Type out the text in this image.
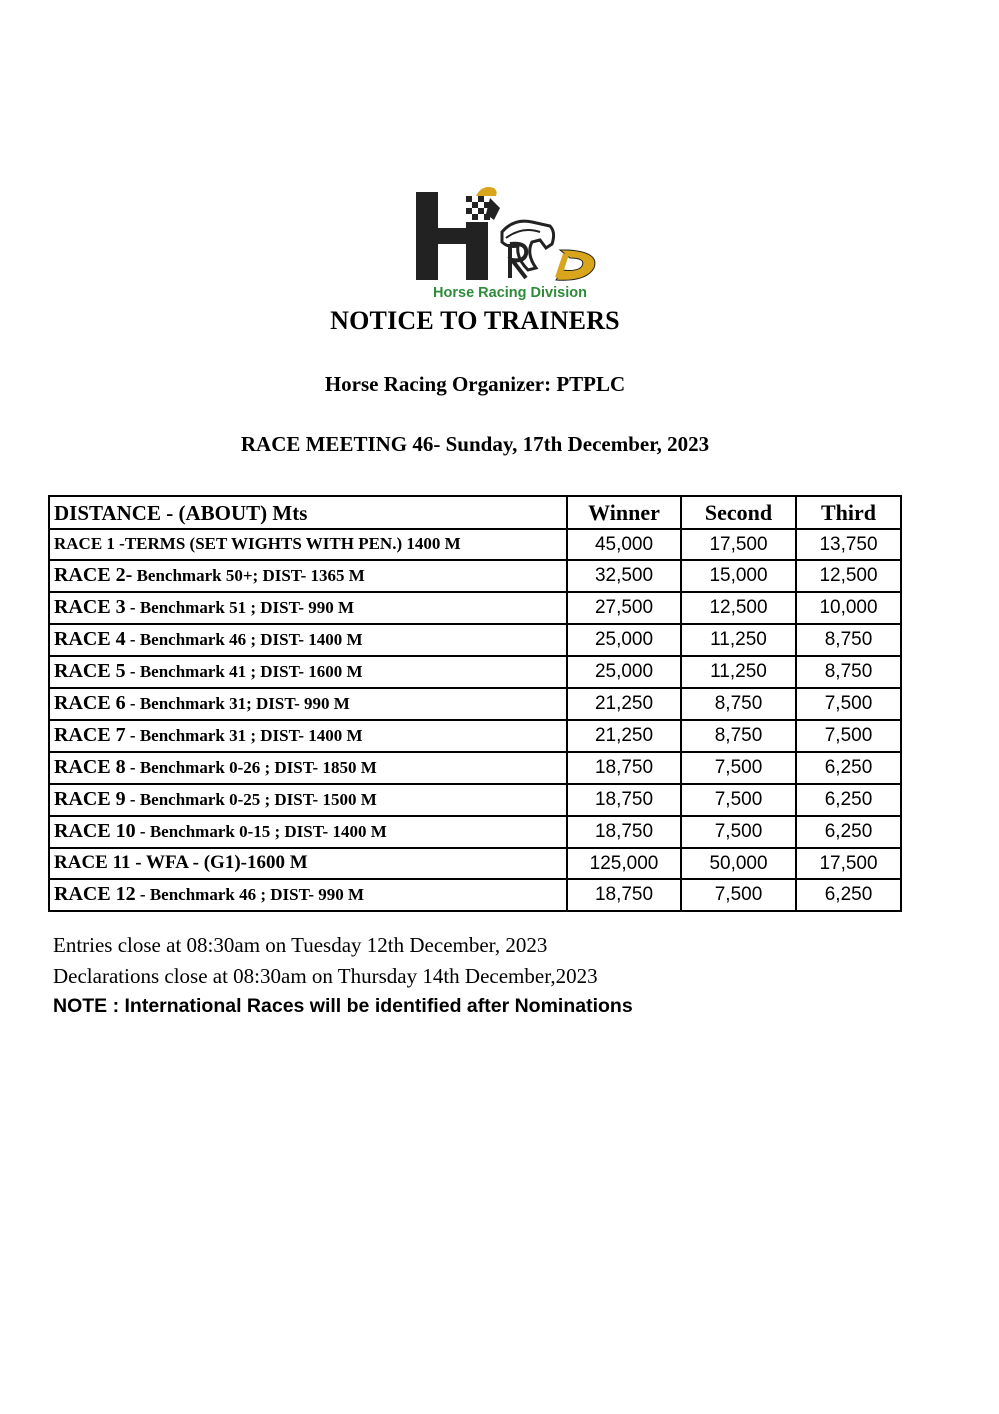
Horse Racing Division
NOTICE TO TRAINERS
Horse Racing Organizer: PTPLC
RACE MEETING 46- Sunday, 17th December, 2023
DISTANCE - (ABOUT) Mts	Winner	Second	Third
RACE 1 -TERMS (SET WIGHTS WITH PEN.) 1400 M	45,000	17,500	13,750
RACE 2- Benchmark 50+; DIST- 1365 M	32,500	15,000	12,500
RACE 3 - Benchmark 51 ; DIST- 990 M	27,500	12,500	10,000
RACE 4 - Benchmark 46 ; DIST- 1400 M	25,000	11,250	8,750
RACE 5 - Benchmark 41 ; DIST- 1600 M	25,000	11,250	8,750
RACE 6 - Benchmark 31; DIST- 990 M	21,250	8,750	7,500
RACE 7 - Benchmark 31 ; DIST- 1400 M	21,250	8,750	7,500
RACE 8 - Benchmark 0-26 ; DIST- 1850 M	18,750	7,500	6,250
RACE 9 - Benchmark 0-25 ; DIST- 1500 M	18,750	7,500	6,250
RACE 10 - Benchmark 0-15 ; DIST- 1400 M	18,750	7,500	6,250
RACE 11 - WFA - (G1)-1600 M	125,000	50,000	17,500
RACE 12 - Benchmark 46 ; DIST- 990 M	18,750	7,500	6,250
Entries close at 08:30am on Tuesday 12th December, 2023
Declarations close at 08:30am on Thursday 14th December,2023
NOTE : International Races will be identified after Nominations
